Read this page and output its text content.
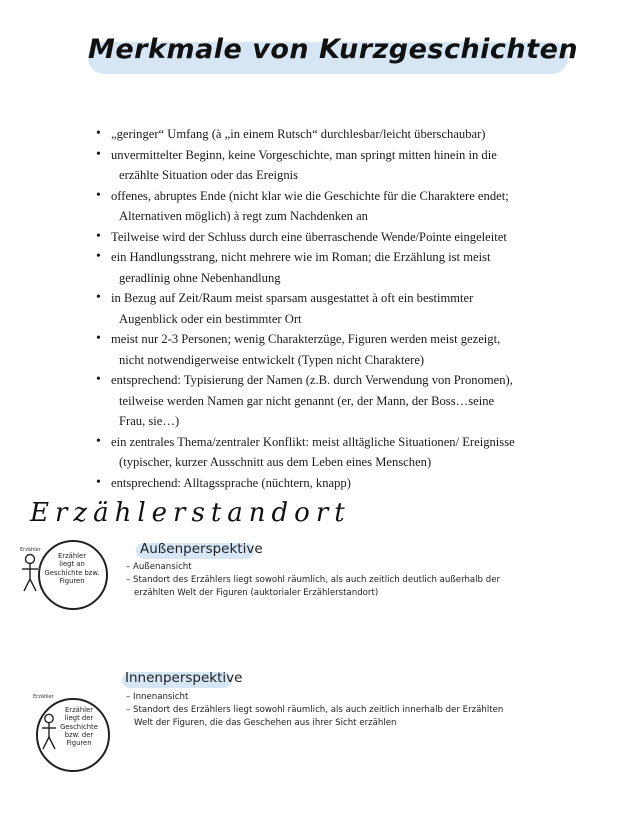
Merkmale von Kurzgeschichten
• „geringer“ Umfang (à „in einem Rutsch“ durchlesbar/leicht überschaubar)
• unvermittelter Beginn, keine Vorgeschichte, man springt mitten hinein in die
erzählte Situation oder das Ereignis
• offenes, abruptes Ende (nicht klar wie die Geschichte für die Charaktere endet;
Alternativen möglich) à regt zum Nachdenken an
• Teilweise wird der Schluss durch eine überraschende Wende/Pointe eingeleitet
• ein Handlungsstrang, nicht mehrere wie im Roman; die Erzählung ist meist
geradlinig ohne Nebenhandlung
• in Bezug auf Zeit/Raum meist sparsam ausgestattet à oft ein bestimmter
Augenblick oder ein bestimmter Ort
• meist nur 2-3 Personen; wenig Charakterzüge, Figuren werden meist gezeigt,
nicht notwendigerweise entwickelt (Typen nicht Charaktere)
• entsprechend: Typisierung der Namen (z.B. durch Verwendung von Pronomen),
teilweise werden Namen gar nicht genannt (er, der Mann, der Boss…seine
Frau, sie…)
• ein zentrales Thema/zentraler Konflikt: meist alltägliche Situationen/ Ereignisse
(typischer, kurzer Ausschnitt aus dem Leben eines Menschen)
• entsprechend: Alltagssprache (nüchtern, knapp)
Erzählerstandort
Erzähler
Erzähler
liegt an
Geschichte bzw.
Figuren
Außenperspektive
– Außenansicht
– Standort des Erzählers liegt sowohl räumlich, als auch zeitlich deutlich außerhalb der
erzählten Welt der Figuren (auktorialer Erzählerstandort)
Innenperspektive
– Innenansicht
– Standort des Erzählers liegt sowohl räumlich, als auch zeitlich innerhalb der Erzählten
Welt der Figuren, die das Geschehen aus ihrer Sicht erzählen
Erzähler
Erzähler
liegt der
Geschichte
bzw. der
Figuren
